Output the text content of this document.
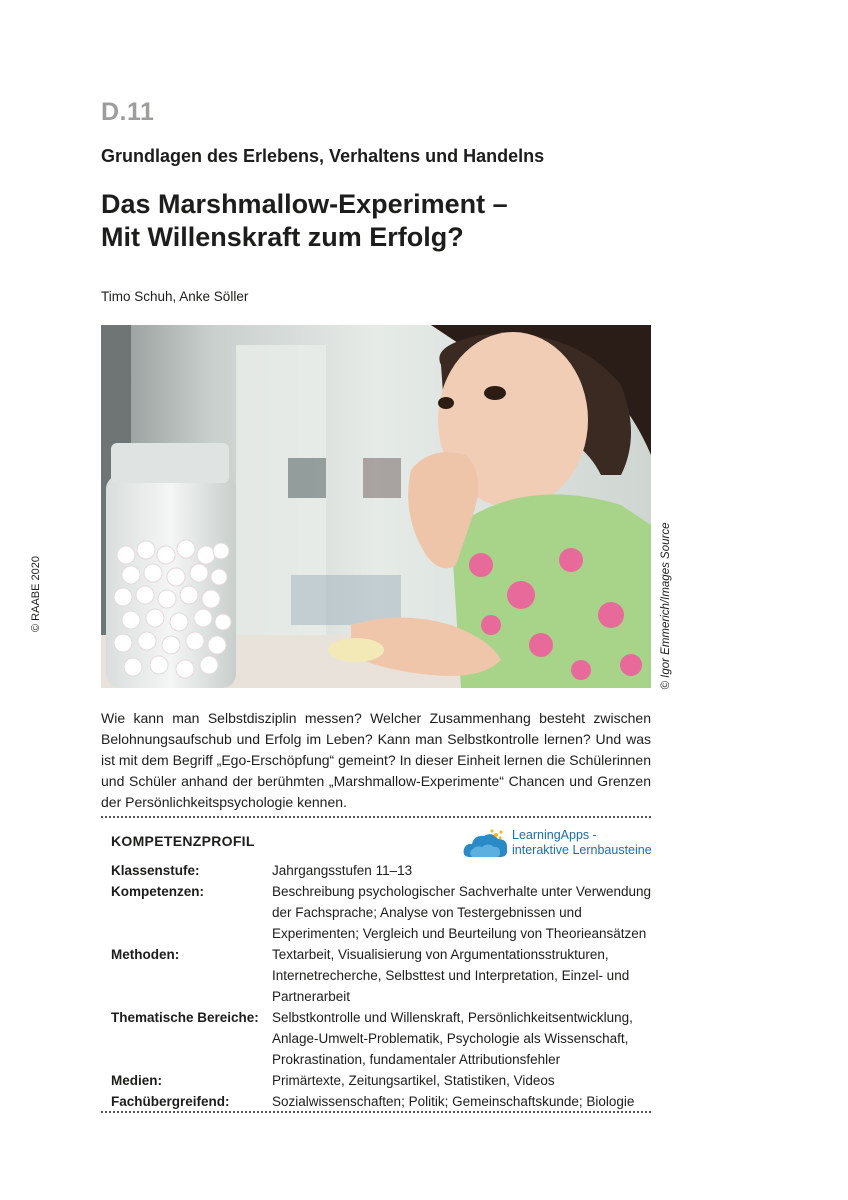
D.11
Grundlagen des Erlebens, Verhaltens und Handelns
Das Marshmallow-Experiment –
Mit Willenskraft zum Erfolg?
Timo Schuh, Anke Söller
© RAABE 2020	© Igor Emmerich/Images Source

Wie kann man Selbstdisziplin messen? Welcher Zusammenhang besteht zwischen Belohnungsaufschub und Erfolg im Leben? Kann man Selbstkontrolle lernen? Und was ist mit dem Begriff „Ego-Erschöpfung“ gemeint? In dieser Einheit lernen die Schülerinnen und Schüler anhand der berühmten „Marshmallow-Experimente“ Chancen und Grenzen der Persönlichkeitspsychologie kennen.

KOMPETENZPROFIL	LearningApps -
interaktive Lernbausteine
Klassenstufe:	Jahrgangsstufen 11–13
Kompetenzen:	Beschreibung psychologischer Sachverhalte unter Verwendung der Fachsprache; Analyse von Testergebnissen und Experimenten; Vergleich und Beurteilung von Theorieansätzen
Methoden:	Textarbeit, Visualisierung von Argumentationsstrukturen, Internetrecherche, Selbsttest und Interpretation, Einzel- und Partnerarbeit
Thematische Bereiche: Selbstkontrolle und Willenskraft, Persönlichkeitsentwicklung, Anlage-Umwelt-Problematik, Psychologie als Wissenschaft, Prokrastination, fundamentaler Attributionsfehler
Medien:	Primärtexte, Zeitungsartikel, Statistiken, Videos
Fachübergreifend:	Sozialwissenschaften; Politik; Gemeinschaftskunde; Biologie
